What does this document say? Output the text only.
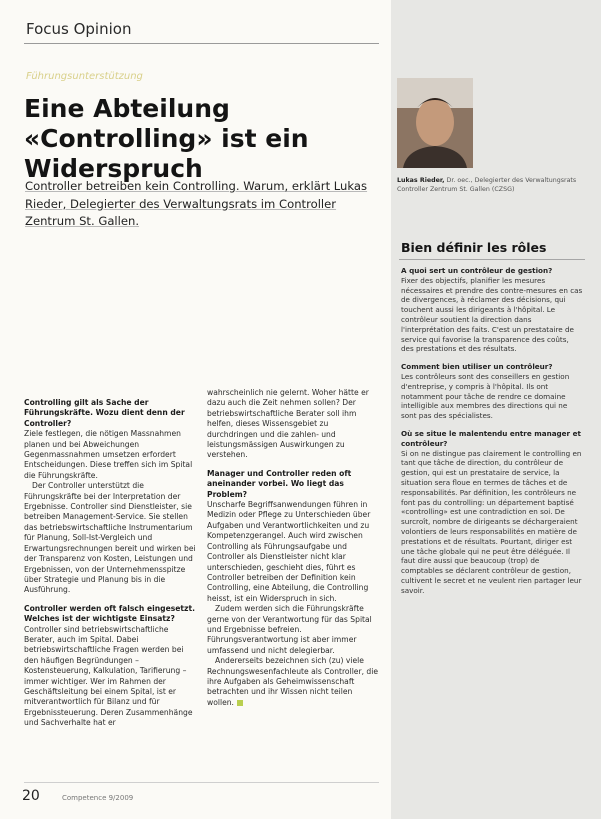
Focus Opinion
Führungsunterstützung
Eine Abteilung «Controlling» ist ein Widerspruch
Controller betreiben kein Controlling. Warum, erklärt Lukas Rieder, Delegierter des Verwaltungsrats im Controller Zentrum St. Gallen.

Controlling gilt als Sache der Führungskräfte. Wozu dient denn der Controller?

Ziele festlegen, die nötigen Massnahmen planen und bei Abweichungen Gegenmassnahmen umsetzen erfordert Entscheidungen. Diese treffen sich im Spital die Führungskräfte.

Der Controller unterstützt die Führungskräfte bei der Interpretation der Ergebnisse. Controller sind Dienstleister, sie betreiben Management-Service. Sie stellen das betriebswirtschaftliche Instrumentarium für Planung, Soll-Ist-Vergleich und Erwartungsrechnungen bereit und wirken bei der Transparenz von Kosten, Leistungen und Ergebnissen, von der Unternehmensspitze über Strategie und Planung bis in die Ausführung.

Controller werden oft falsch eingesetzt. Welches ist der wichtigste Einsatz?

Controller sind betriebswirtschaftliche Berater, auch im Spital. Dabei betriebswirtschaftliche Fragen werden bei den häufigen Begründungen – Kostensteuerung, Kalkulation, Tarifierung – immer wichtiger. Wer im Rahmen der Geschäftsleitung bei einem Spital, ist er mitverantwortlich für Bilanz und für Ergebnissteuerung. Deren Zusammenhänge und Sachverhalte hat er

wahrscheinlich nie gelernt. Woher hätte er dazu auch die Zeit nehmen sollen? Der betriebswirtschaftliche Berater soll ihm helfen, dieses Wissensgebiet zu durchdringen und die zahlen- und leistungsmässigen Auswirkungen zu verstehen.

Manager und Controller reden oft aneinander vorbei. Wo liegt das Problem?

Unscharfe Begriffsanwendungen führen in Medizin oder Pflege zu Unterschieden über Aufgaben und Verantwortlichkeiten und zu Kompetenzgerangel. Auch wird zwischen Controlling als Führungsaufgabe und Controller als Dienstleister nicht klar unterschieden, geschieht dies, führt es Controller betreiben der Definition kein Controlling, eine Abteilung, die Controlling heisst, ist ein Widerspruch in sich.

Zudem werden sich die Führungskräfte gerne von der Verantwortung für das Spital und Ergebnisse befreien. Führungsverantwortung ist aber immer umfassend und nicht delegierbar.

Andererseits bezeichnen sich (zu) viele Rechnungswesenfachleute als Controller, die ihre Aufgaben als Geheimwissenschaft betrachten und ihr Wissen nicht teilen wollen.

Lukas Rieder, Dr. oec., Delegierter des Verwaltungsrats Controller Zentrum St. Gallen (CZSG)
Bien définir les rôles

A quoi sert un contrôleur de gestion?
Fixer des objectifs, planifier les mesures nécessaires et prendre des contre-mesures en cas de divergences, à réclamer des décisions, qui touchent aussi les dirigeants à l'hôpital. Le contrôleur soutient la direction dans l'interprétation des faits. C'est un prestataire de service qui favorise la transparence des coûts, des prestations et des résultats.

Comment bien utiliser un contrôleur?
Les contrôleurs sont des conseillers en gestion d'entreprise, y compris à l'hôpital. Ils ont notamment pour tâche de rendre ce domaine intelligible aux membres des directions qui ne sont pas des spécialistes.

Où se situe le malentendu entre manager et contrôleur?
Si on ne distingue pas clairement le controlling en tant que tâche de direction, du contrôleur de gestion, qui est un prestataire de service, la situation sera floue en termes de tâches et de responsabilités. Par définition, les contrôleurs ne font pas du controlling: un département baptisé «controlling» est une contradiction en soi. De surcroît, nombre de dirigeants se déchargeraient volontiers de leurs responsabilités en matière de prestations et de résultats. Pourtant, diriger est une tâche globale qui ne peut être déléguée. Il faut dire aussi que beaucoup (trop) de comptables se déclarent contrôleur de gestion, cultivent le secret et ne veulent rien partager leur savoir.

20	Competence 9/2009
